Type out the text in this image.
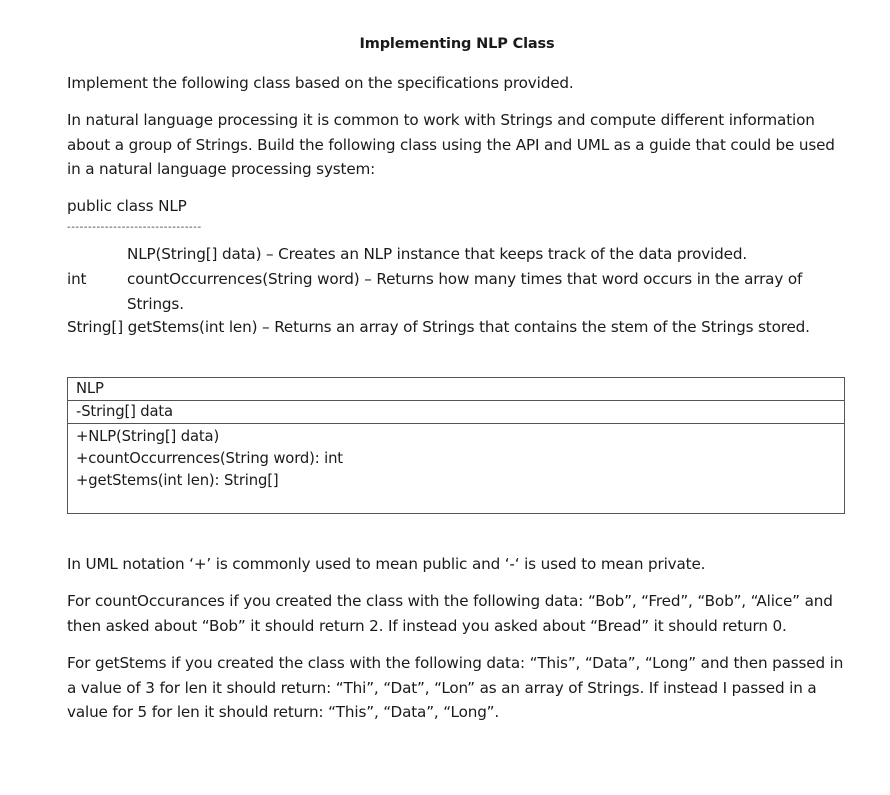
Implementing NLP Class

Implement the following class based on the specifications provided.

In natural language processing it is common to work with Strings and compute different information about a group of Strings. Build the following class using the API and UML as a guide that could be used in a natural language processing system:

public class NLP

--------------------------------
NLP(String[] data) – Creates an NLP instance that keeps track of the data provided.
int	countOccurrences(String word) – Returns how many times that word occurs in the array of Strings.
String[] getStems(int len) – Returns an array of Strings that contains the stem of the Strings stored.
NLP
-String[] data
+NLP(String[] data)
+countOccurrences(String word): int
+getStems(int len): String[]

In UML notation ‘+’ is commonly used to mean public and ‘-‘ is used to mean private.

For countOccurances if you created the class with the following data: “Bob”, “Fred”, “Bob”, “Alice” and then asked about “Bob” it should return 2. If instead you asked about “Bread” it should return 0.

For getStems if you created the class with the following data: “This”, “Data”, “Long” and then passed in a value of 3 for len it should return: “Thi”, “Dat”, “Lon” as an array of Strings. If instead I passed in a value for 5 for len it should return: “This”, “Data”, “Long”.
